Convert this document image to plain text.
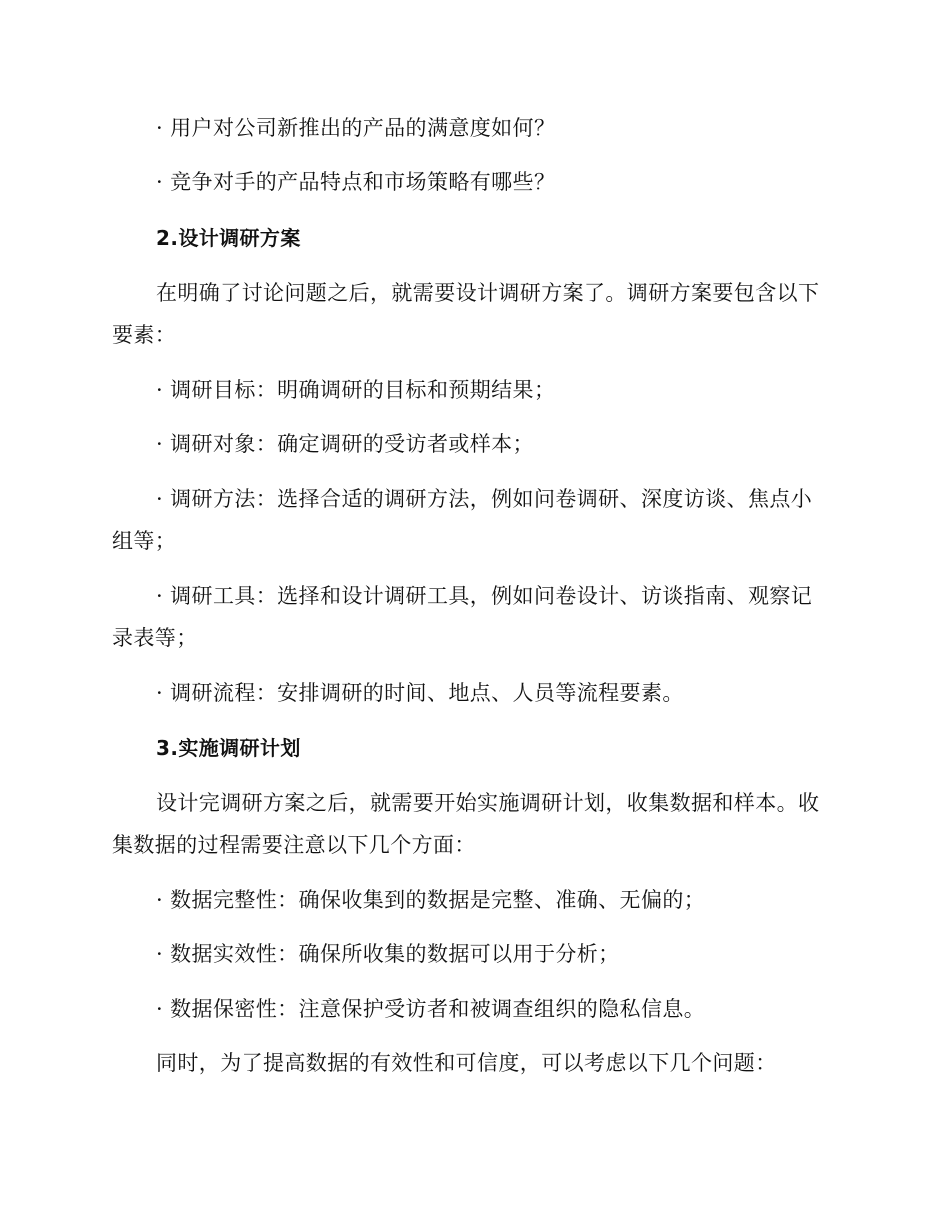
· 用户对公司新推出的产品的满意度如何？
· 竞争对手的产品特点和市场策略有哪些？
2.设计调研方案
在明确了讨论问题之后，就需要设计调研方案了。调研方案要包含以下
要素：
· 调研目标：明确调研的目标和预期结果；
· 调研对象：确定调研的受访者或样本；
· 调研方法：选择合适的调研方法，例如问卷调研、深度访谈、焦点小
组等；
· 调研工具：选择和设计调研工具，例如问卷设计、访谈指南、观察记
录表等；
· 调研流程：安排调研的时间、地点、人员等流程要素。
3.实施调研计划
设计完调研方案之后，就需要开始实施调研计划，收集数据和样本。收
集数据的过程需要注意以下几个方面：
· 数据完整性：确保收集到的数据是完整、准确、无偏的；
· 数据实效性：确保所收集的数据可以用于分析；
· 数据保密性：注意保护受访者和被调查组织的隐私信息。
同时，为了提高数据的有效性和可信度，可以考虑以下几个问题：
